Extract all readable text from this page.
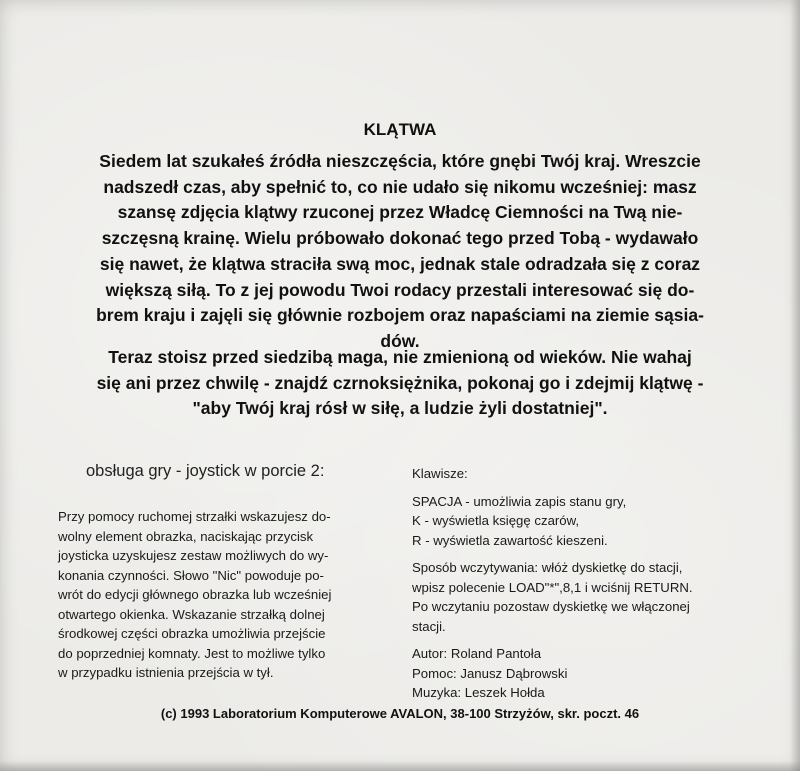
KLĄTWA

Siedem lat szukałeś źródła nieszczęścia, które gnębi Twój kraj. Wreszcie
nadszedł czas, aby spełnić to, co nie udało się nikomu wcześniej: masz
szansę zdjęcia klątwy rzuconej przez Władcę Ciemności na Twą nie-
szczęsną krainę. Wielu próbowało dokonać tego przed Tobą - wydawało
się nawet, że klątwa straciła swą moc, jednak stale odradzała się z coraz
większą siłą. To z jej powodu Twoi rodacy przestali interesować się do-
brem kraju i zajęli się głównie rozbojem oraz napaściami na ziemie sąsia-
dów.

Teraz stoisz przed siedzibą maga, nie zmienioną od wieków. Nie wahaj
się ani przez chwilę - znajdź czrnoksiężnika, pokonaj go i zdejmij klątwę -
"aby Twój kraj rósł w siłę, a ludzie żyli dostatniej".

obsługa gry - joystick w porcie 2:
Przy pomocy ruchomej strzałki wskazujesz do-
wolny element obrazka, naciskając przycisk
joysticka uzyskujesz zestaw możliwych do wy-
konania czynności. Słowo "Nic" powoduje po-
wrót do edycji głównego obrazka lub wcześniej
otwartego okienka. Wskazanie strzałką dolnej
środkowej części obrazka umożliwia przejście
do poprzedniej komnaty. Jest to możliwe tylko
w przypadku istnienia przejścia w tył.
Klawisze:
SPACJA - umożliwia zapis stanu gry,
K - wyświetla księgę czarów,
R - wyświetla zawartość kieszeni.
Sposób wczytywania: włóż dyskietkę do stacji,
wpisz polecenie LOAD"*",8,1 i wciśnij RETURN.
Po wczytaniu pozostaw dyskietkę we włączonej
stacji.
Autor: Roland Pantoła
Pomoc: Janusz Dąbrowski
Muzyka: Leszek Hołda
(c) 1993 Laboratorium Komputerowe AVALON, 38-100 Strzyżów, skr. poczt. 46
